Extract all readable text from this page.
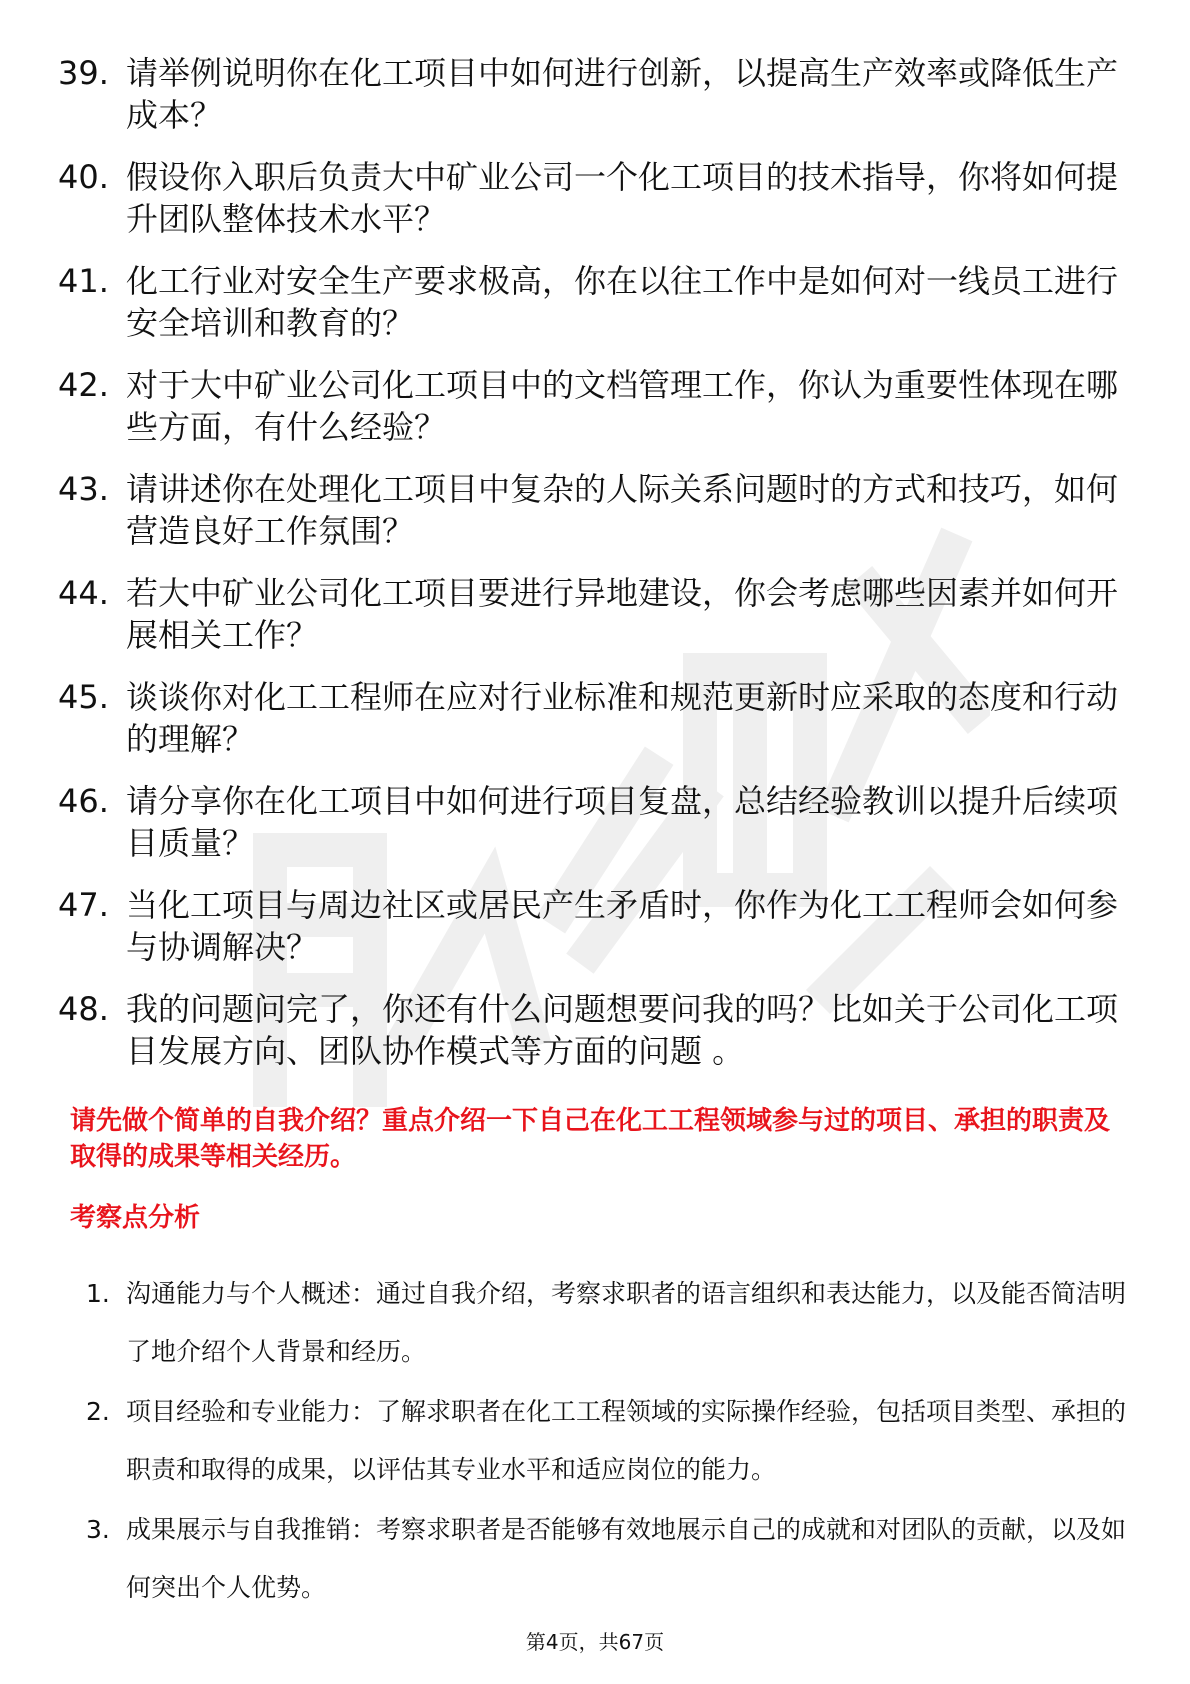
39. 请举例说明你在化工项目中如何进行创新，以提高生产效率或降低生产成本？
40. 假设你入职后负责大中矿业公司一个化工项目的技术指导，你将如何提升团队整体技术水平？
41. 化工行业对安全生产要求极高，你在以往工作中是如何对一线员工进行安全培训和教育的？
42. 对于大中矿业公司化工项目中的文档管理工作，你认为重要性体现在哪些方面，有什么经验？
43. 请讲述你在处理化工项目中复杂的人际关系问题时的方式和技巧，如何营造良好工作氛围？
44. 若大中矿业公司化工项目要进行异地建设，你会考虑哪些因素并如何开展相关工作？
45. 谈谈你对化工工程师在应对行业标准和规范更新时应采取的态度和行动的理解？
46. 请分享你在化工项目中如何进行项目复盘，总结经验教训以提升后续项目质量？
47. 当化工项目与周边社区或居民产生矛盾时，你作为化工工程师会如何参与协调解决？
48. 我的问题问完了，你还有什么问题想要问我的吗？比如关于公司化工项目发展方向、团队协作模式等方面的问题 。
请先做个简单的自我介绍？重点介绍一下自己在化工工程领域参与过的项目、承担的职责及取得的成果等相关经历。
考察点分析
1. 沟通能力与个人概述：通过自我介绍，考察求职者的语言组织和表达能力，以及能否简洁明了地介绍个人背景和经历。
2. 项目经验和专业能力：了解求职者在化工工程领域的实际操作经验，包括项目类型、承担的职责和取得的成果，以评估其专业水平和适应岗位的能力。
3. 成果展示与自我推销：考察求职者是否能够有效地展示自己的成就和对团队的贡献，以及如何突出个人优势。
第4页，共67页
